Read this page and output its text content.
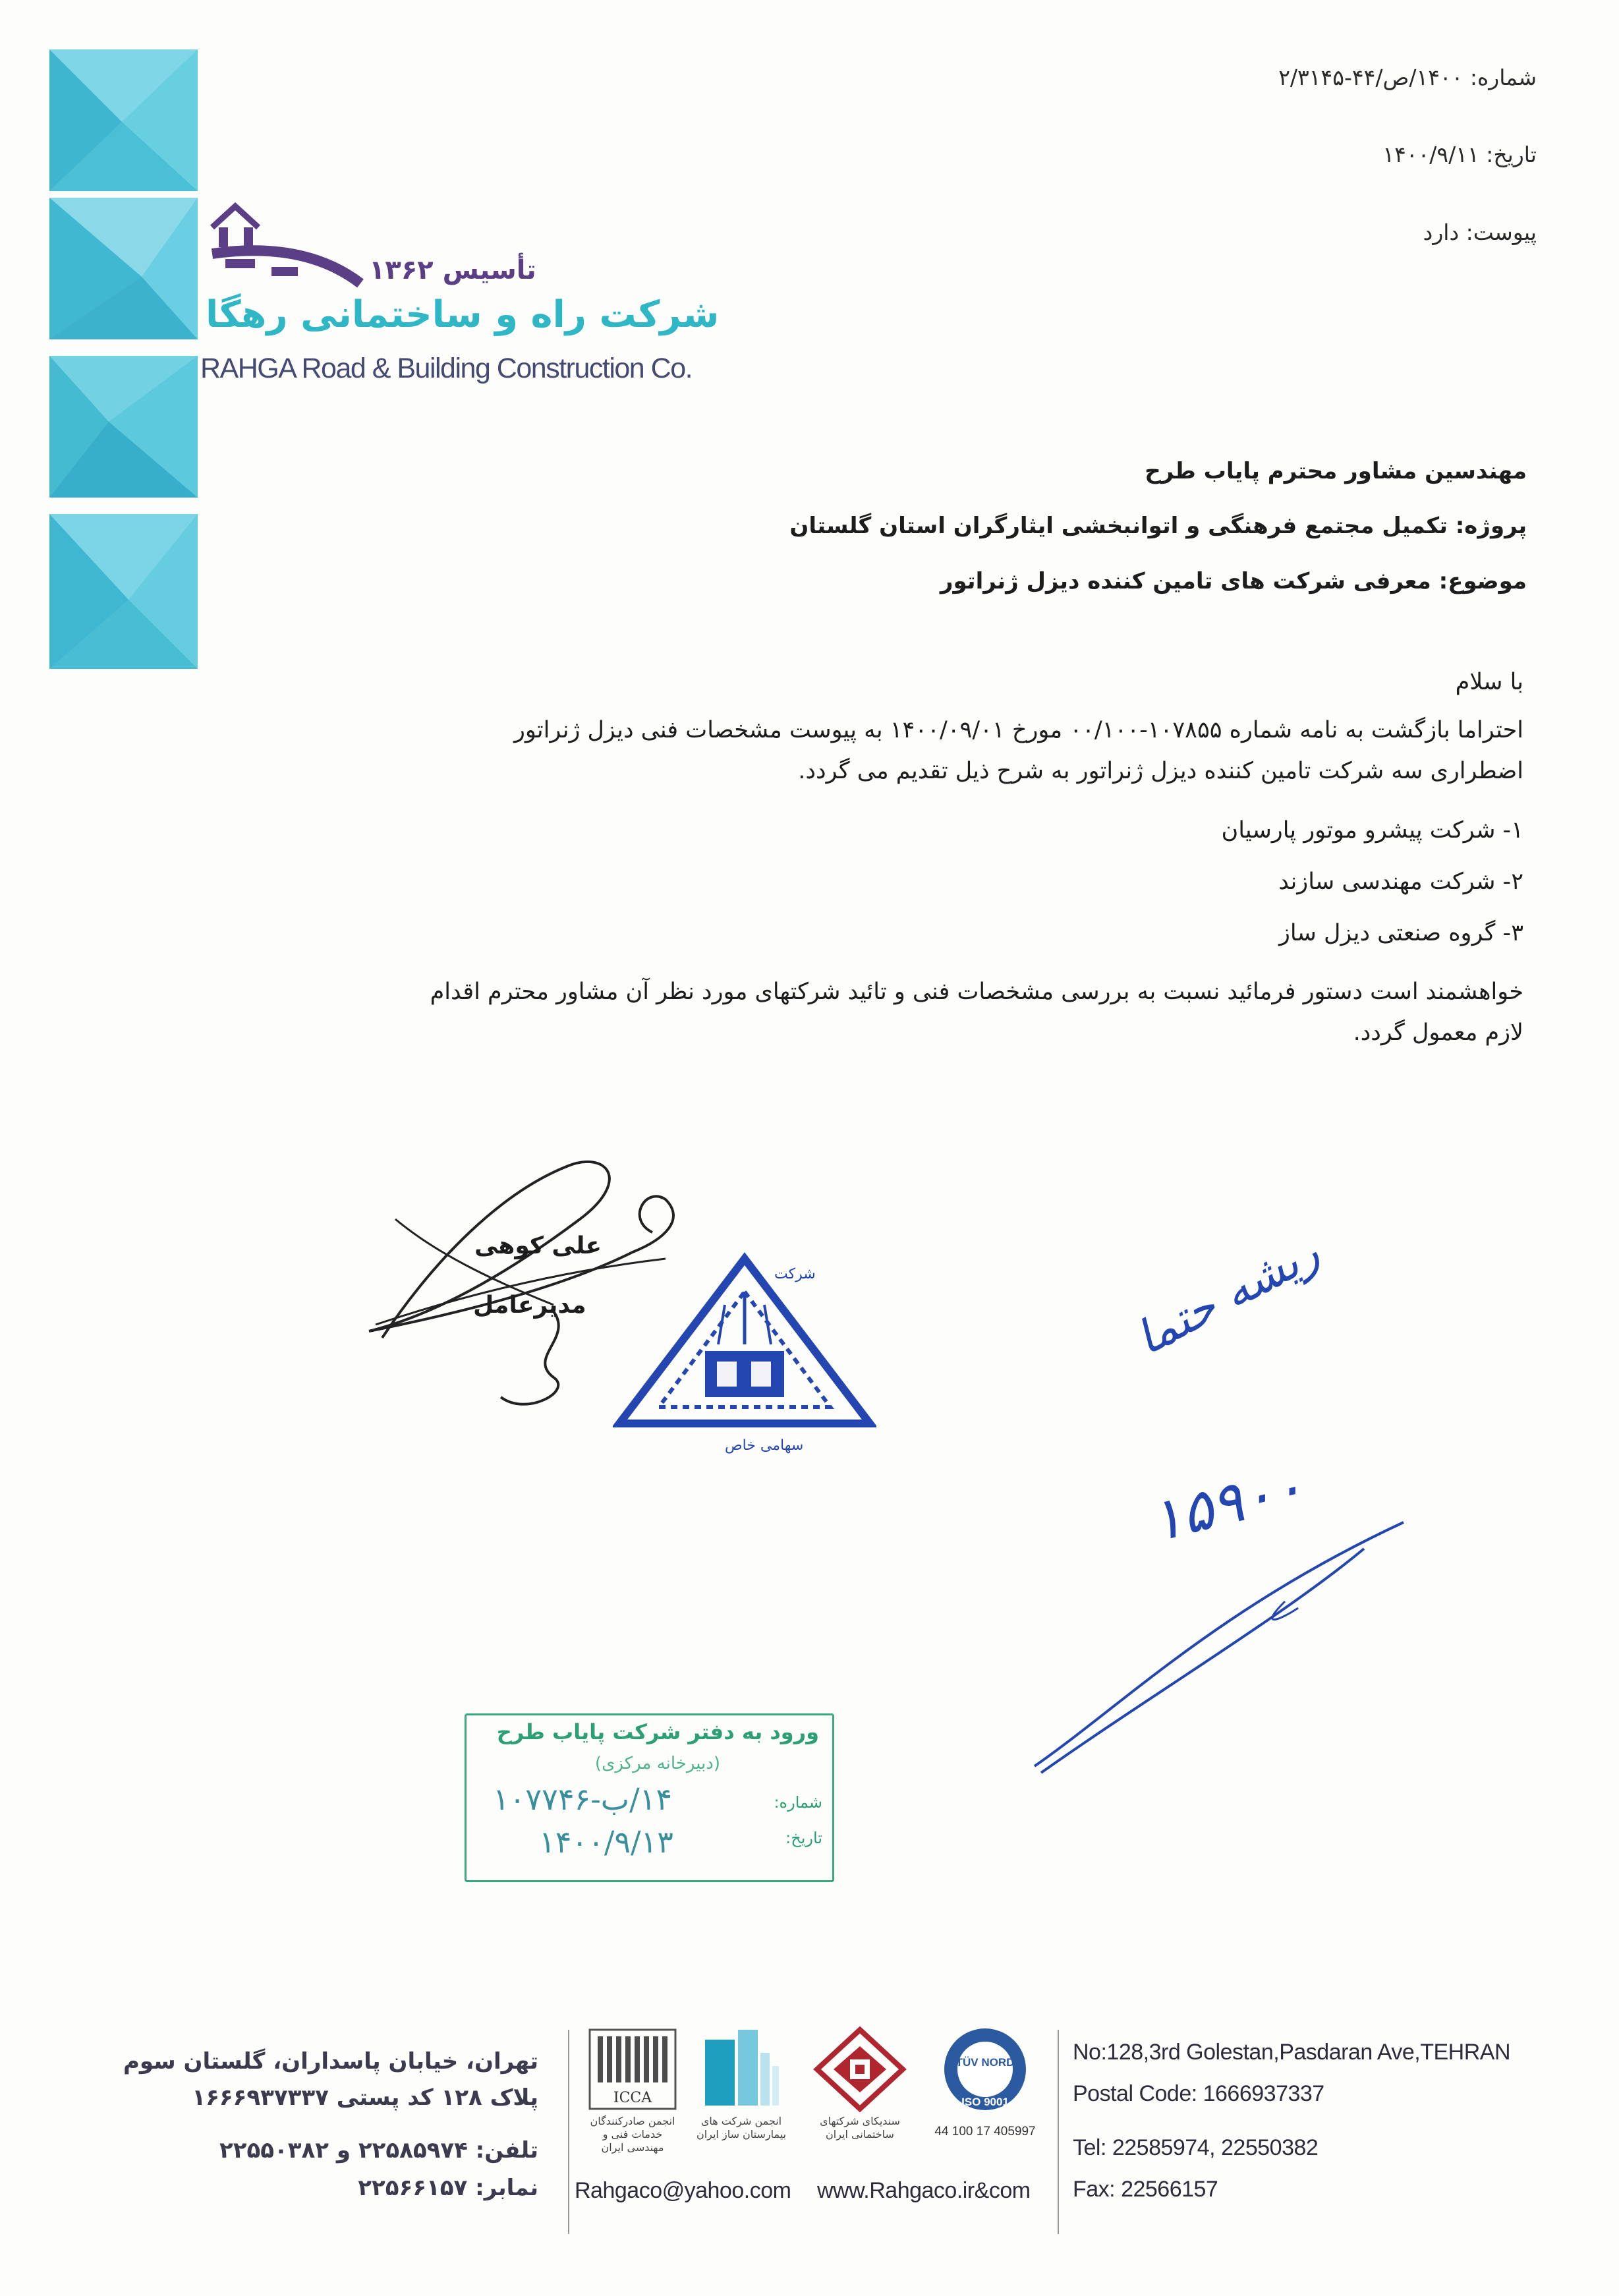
تأسیس ۱۳۶۲
شرکت راه و ساختمانی رهگا
RAHGA Road & Building Construction Co.
شماره: ۱۴۰۰/ص/۴۴-۲/۳۱۴۵
تاریخ: ۱۴۰۰/۹/۱۱
پیوست: دارد
مهندسین مشاور محترم پایاب طرح
پروژه: تکمیل مجتمع فرهنگی و اتوانبخشی ایثارگران استان گلستان
موضوع: معرفی شرکت های تامین کننده دیزل ژنراتور
با سلام
احتراما بازگشت به نامه شماره ۱۰۷۸۵۵-۰۰/۱۰۰ مورخ ۱۴۰۰/۰۹/۰۱ به پیوست مشخصات فنی دیزل ژنراتور
اضطراری سه شرکت تامین کننده دیزل ژنراتور به شرح ذیل تقدیم می گردد.
۱- شرکت پیشرو موتور پارسیان
۲- شرکت مهندسی سازند
۳- گروه صنعتی دیزل ساز
خواهشمند است دستور فرمائید نسبت به بررسی مشخصات فنی و تائید شرکتهای مورد نظر آن مشاور محترم اقدام
لازم معمول گردد.
علی کوهی
مدیرعامل
شرکت
سهامی خاص
ریشه حتما
۱۵۹۰۰
ورود به دفتر شرکت پایاب طرح
(دبیرخانه مرکزی)
شماره:
تاریخ:
۱۴/ب-۱۰۷۷۴۶
۱۴۰۰/۹/۱۳
تهران، خیابان پاسداران، گلستان سوم
پلاک ۱۲۸ کد پستی ۱۶۶۶۹۳۷۳۳۷
تلفن: ۲۲۵۸۵۹۷۴ و ۲۲۵۵۰۳۸۲
نمابر: ۲۲۵۶۶۱۵۷
ICCA
انجمن صادرکنندگان خدمات فنی و مهندسی ایران
انجمن شرکت های بیمارستان ساز ایران
سندیکای شرکتهای ساختمانی ایران
TÜV NORD
ISO 9001
44 100 17 405997
Rahgaco@yahoo.com www.Rahgaco.ir&com
No:128,3rd Golestan,Pasdaran Ave,TEHRAN
Postal Code: 1666937337
Tel: 22585974, 22550382
Fax: 22566157
